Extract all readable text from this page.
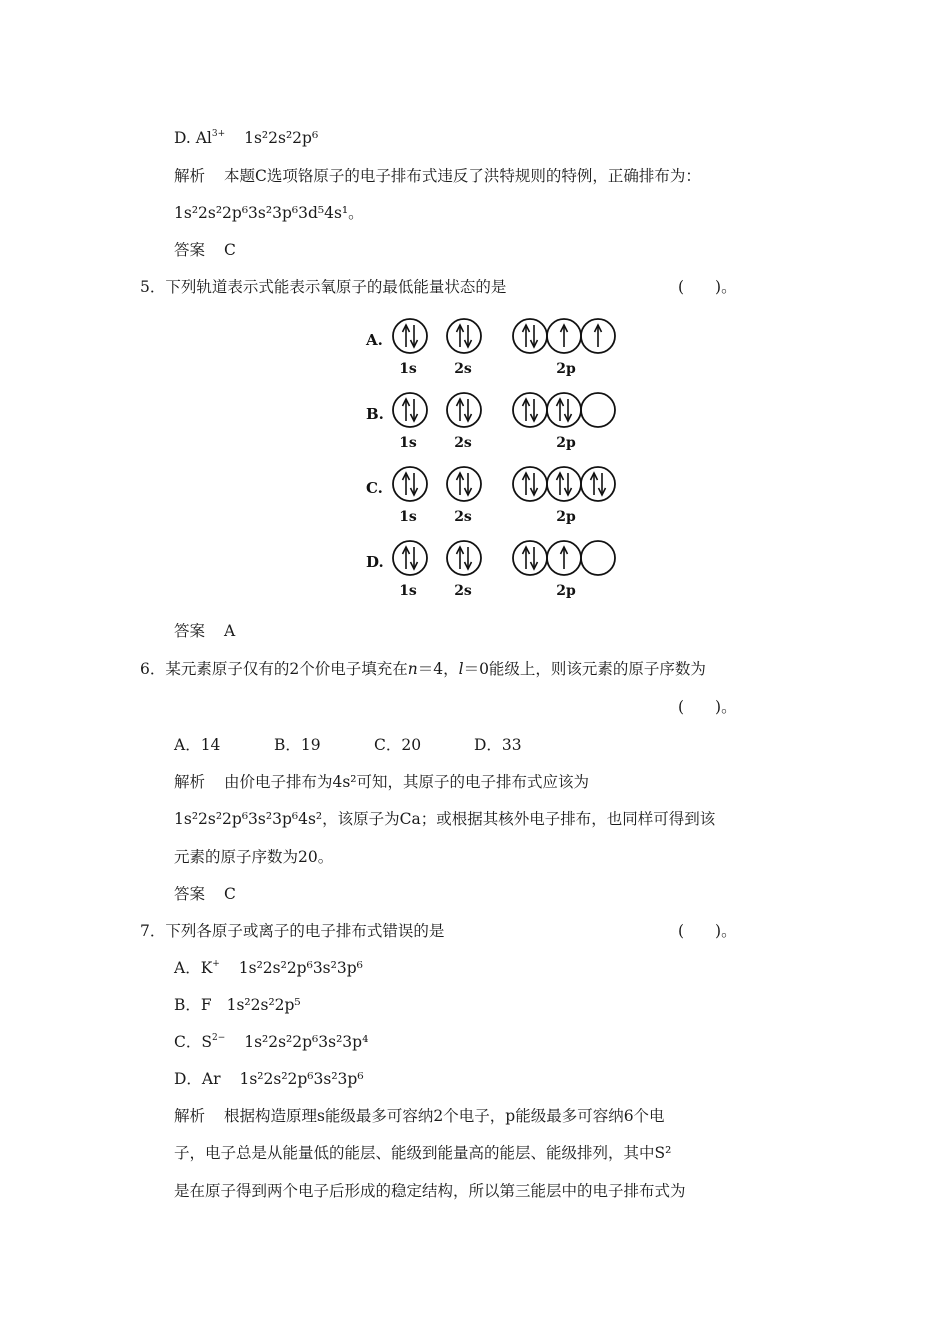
D. $Al^{3+}$ 1s²2s²2p⁶
解析 本题C选项铬原子的电子排布式违反了洪特规则的特例，正确排布为：
1s²2s²2p⁶3s²3p⁶3d⁵4s¹。
答案 C
5．下列轨道表示式能表示氧原子的最低能量状态的是	(　　)。
A.
1s	2s	2p
B.
1s	2s	2p
C.
1s	2s	2p
D.
1s	2s	2p
答案 A
6．某元素原子仅有的2个价电子填充在n＝4，l＝0能级上，则该元素的原子序数为
(　　)。
A．14	B．19	C．20	D．33
解析 由价电子排布为4s²可知，其原子的电子排布式应该为
1s²2s²2p⁶3s²3p⁶4s²，该原子为Ca；或根据其核外电子排布，也同样可得到该
元素的原子序数为20。
答案 C
7．下列各原子或离子的电子排布式错误的是	(　　)。
A．K+ 1s²2s²2p⁶3s²3p⁶
B．F 1s²2s²2p⁵
C．$S^{2-}$ 1s²2s²2p⁶3s²3p⁴
D．Ar 1s²2s²2p⁶3s²3p⁶
解析 根据构造原理s能级最多可容纳2个电子，p能级最多可容纳6个电
子，电子总是从能量低的能层、能级到能量高的能层、能级排列，其中S²
是在原子得到两个电子后形成的稳定结构，所以第三能层中的电子排布式为
